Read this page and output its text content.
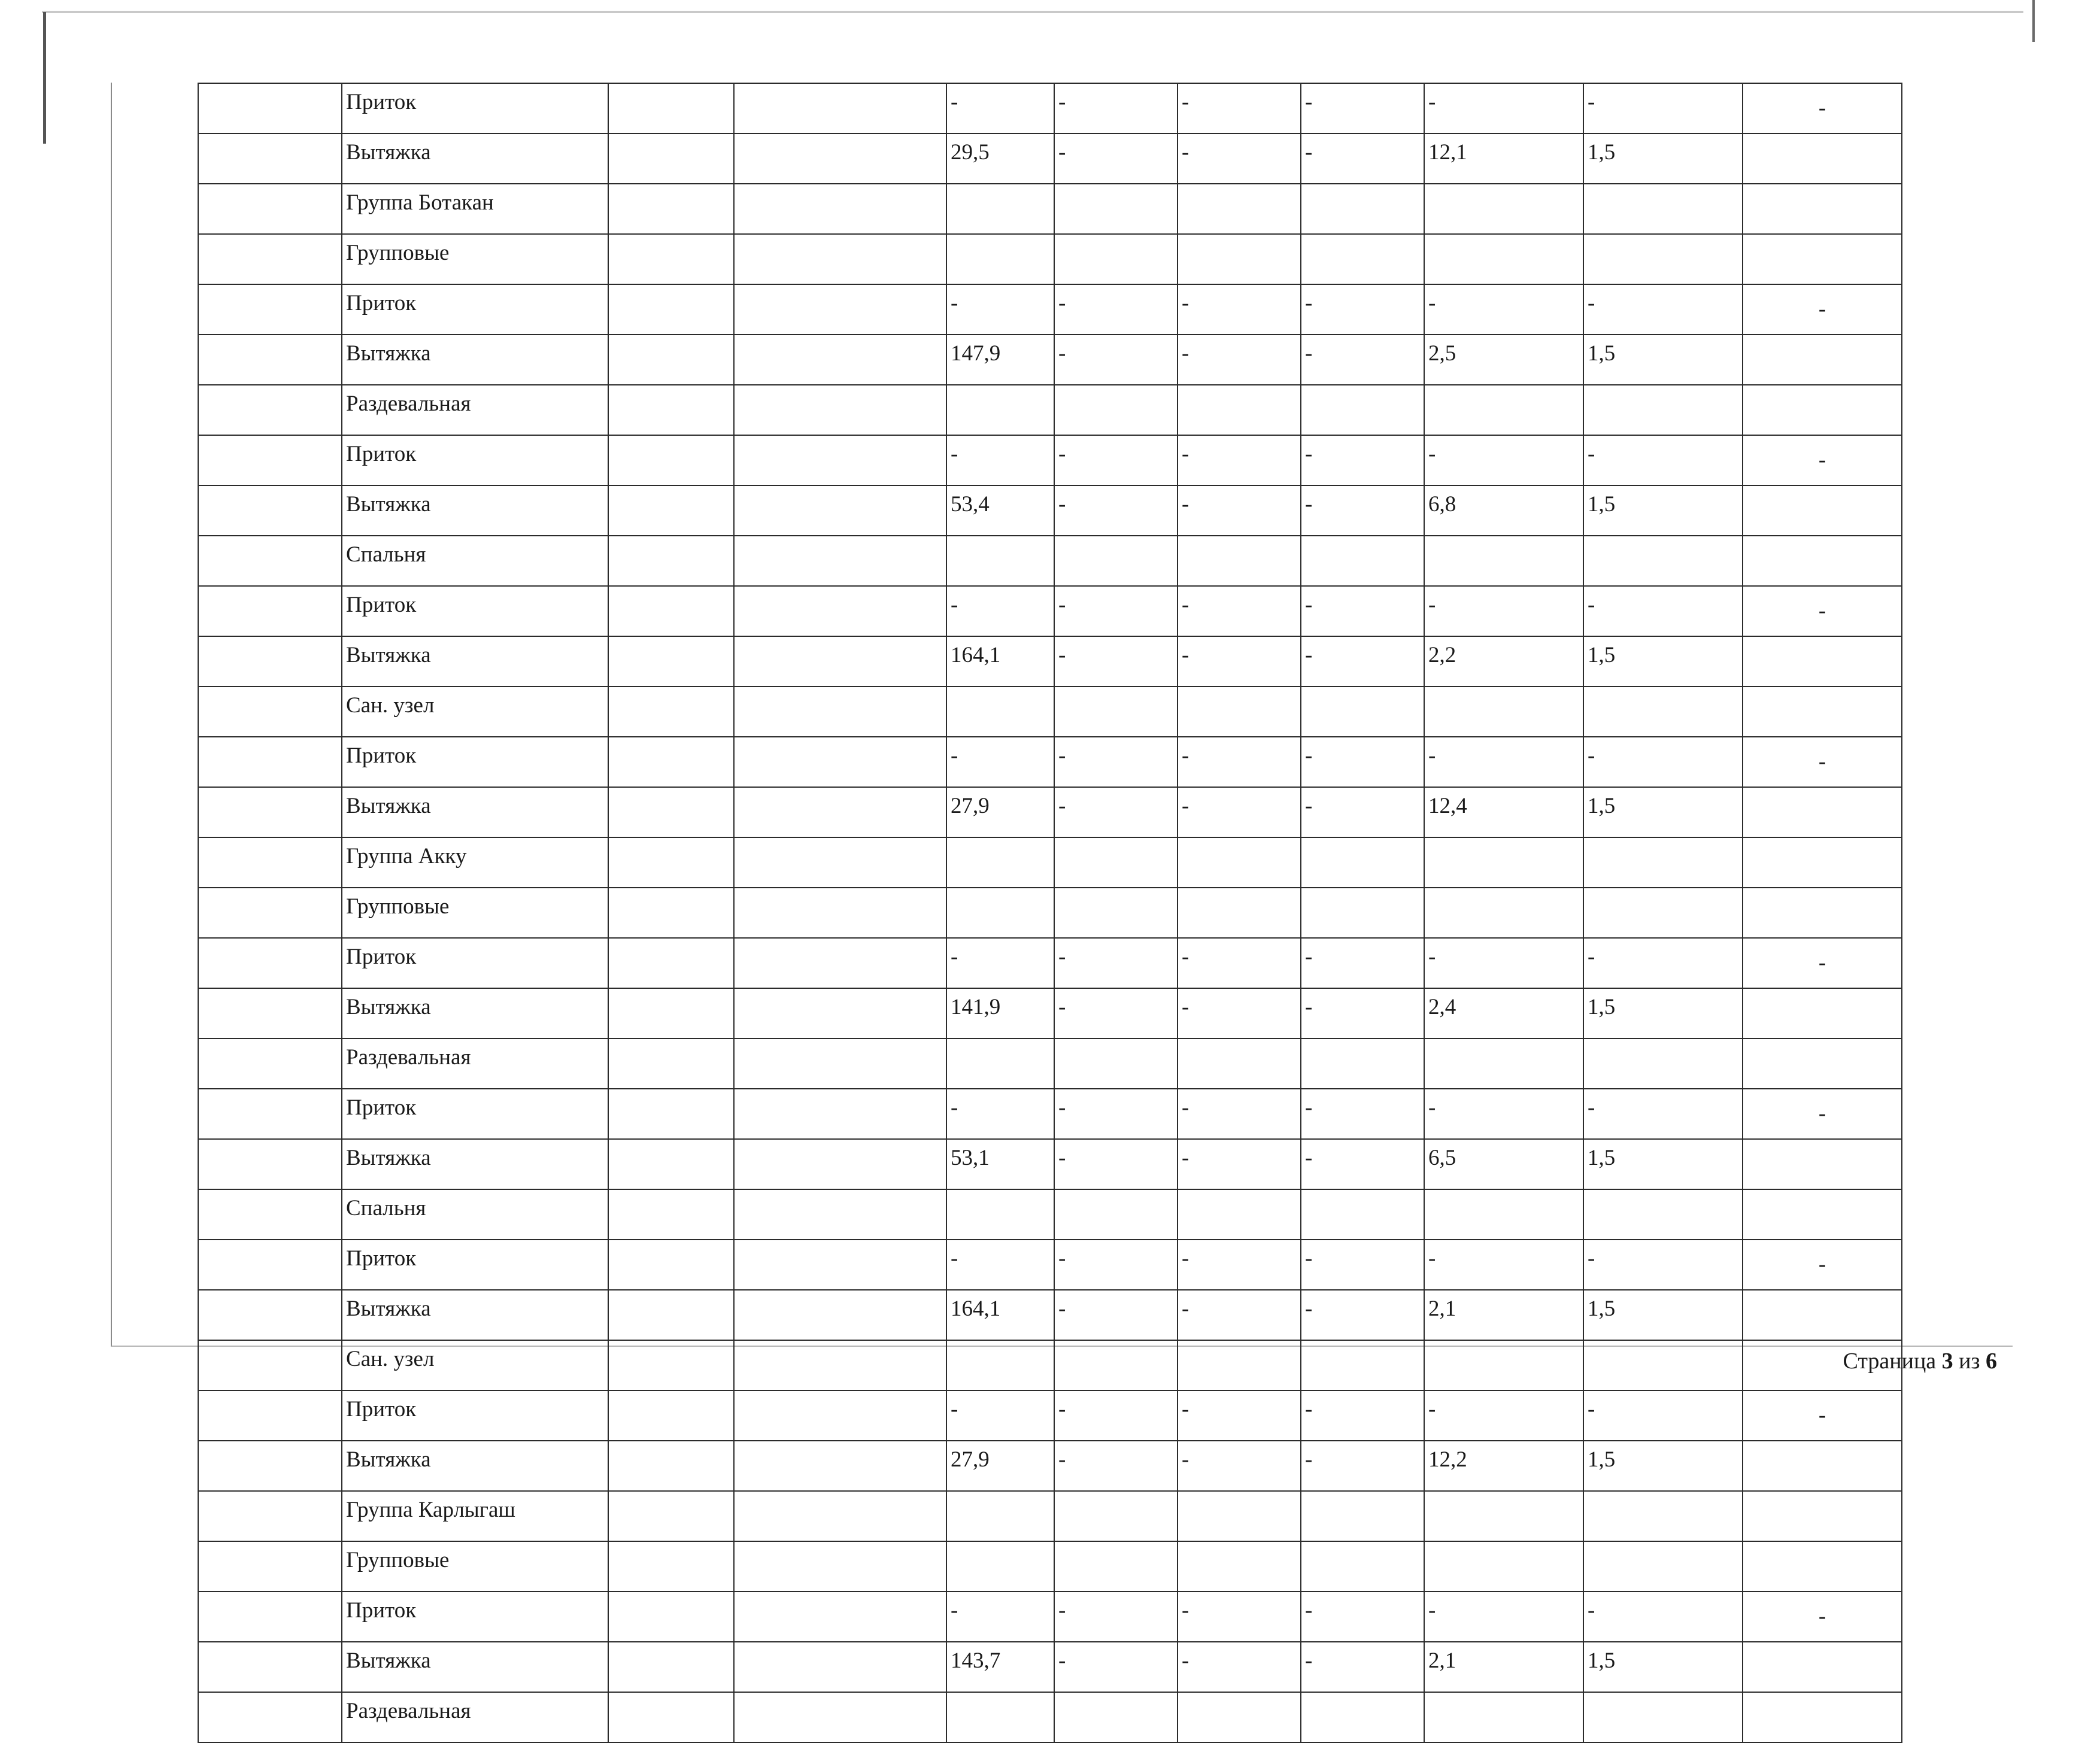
	Приток			-	-	-	-	-	-	-
	Вытяжка			29,5	-	-	-	12,1	1,5	
	Группа Ботакан									
	Групповые									
	Приток			-	-	-	-	-	-	-
	Вытяжка			147,9	-	-	-	2,5	1,5	
	Раздевальная									
	Приток			-	-	-	-	-	-	-
	Вытяжка			53,4	-	-	-	6,8	1,5	
	Спальня									
	Приток			-	-	-	-	-	-	-
	Вытяжка			164,1	-	-	-	2,2	1,5	
	Сан. узел									
	Приток			-	-	-	-	-	-	-
	Вытяжка			27,9	-	-	-	12,4	1,5	
	Группа Акку									
	Групповые									
	Приток			-	-	-	-	-	-	-
	Вытяжка			141,9	-	-	-	2,4	1,5	
	Раздевальная									
	Приток			-	-	-	-	-	-	-
	Вытяжка			53,1	-	-	-	6,5	1,5	
	Спальня									
	Приток			-	-	-	-	-	-	-
	Вытяжка			164,1	-	-	-	2,1	1,5	
	Сан. узел									
	Приток			-	-	-	-	-	-	-
	Вытяжка			27,9	-	-	-	12,2	1,5	
	Группа Карлыгаш									
	Групповые									
	Приток			-	-	-	-	-	-	-
	Вытяжка			143,7	-	-	-	2,1	1,5	
	Раздевальная									
Страница 3 из 6
